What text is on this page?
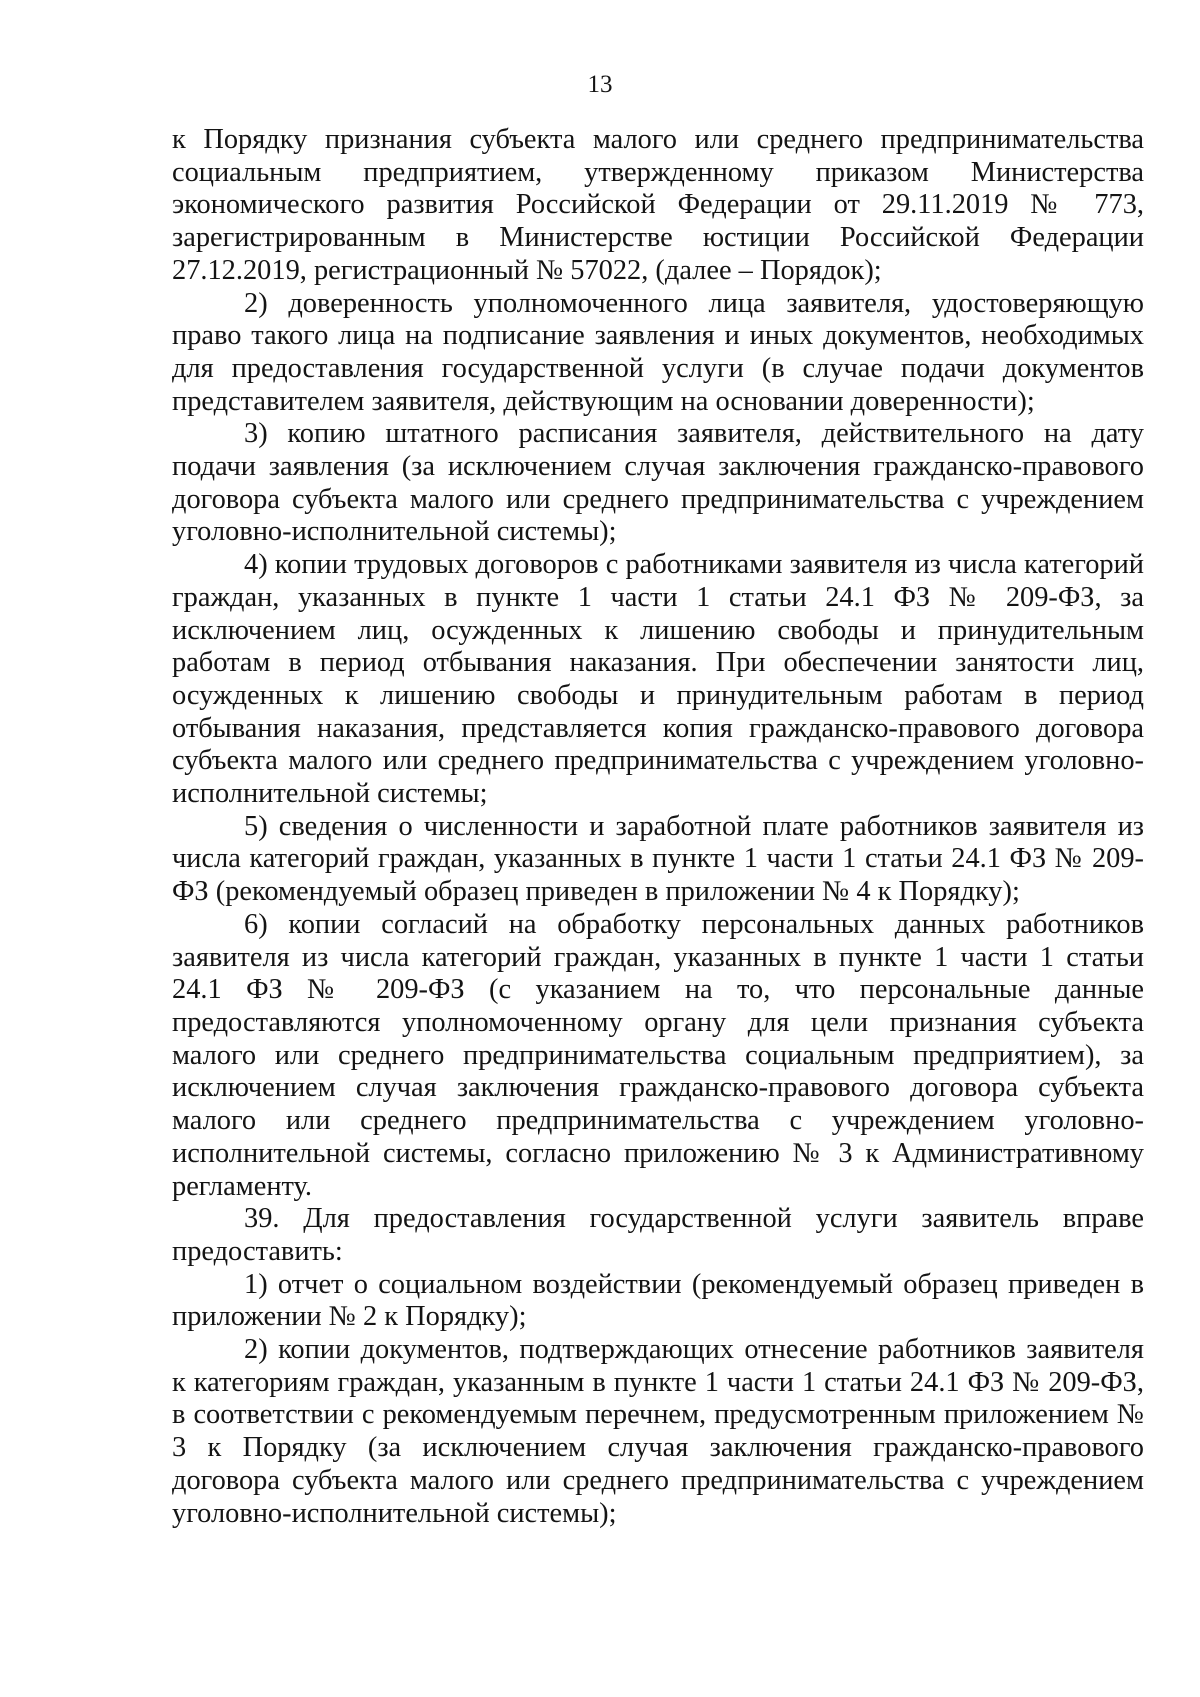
13

к Порядку признания субъекта малого или среднего предпринимательства социальным предприятием, утвержденному приказом Министерства экономического развития Российской Федерации от 29.11.2019 № 773, зарегистрированным в Министерстве юстиции Российской Федерации 27.12.2019, регистрационный № 57022, (далее – Порядок);

2) доверенность уполномоченного лица заявителя, удостоверяющую право такого лица на подписание заявления и иных документов, необходимых для предоставления государственной услуги (в случае подачи документов представителем заявителя, действующим на основании доверенности);

3) копию штатного расписания заявителя, действительного на дату подачи заявления (за исключением случая заключения гражданско-правового договора субъекта малого или среднего предпринимательства с учреждением уголовно-исполнительной системы);

4) копии трудовых договоров с работниками заявителя из числа категорий граждан, указанных в пункте 1 части 1 статьи 24.1 ФЗ № 209-ФЗ, за исключением лиц, осужденных к лишению свободы и принудительным работам в период отбывания наказания. При обеспечении занятости лиц, осужденных к лишению свободы и принудительным работам в период отбывания наказания, представляется копия гражданско-правового договора субъекта малого или среднего предпринимательства с учреждением уголовно-исполнительной системы;

5) сведения о численности и заработной плате работников заявителя из числа категорий граждан, указанных в пункте 1 части 1 статьи 24.1 ФЗ № 209-ФЗ (рекомендуемый образец приведен в приложении № 4 к Порядку);

6) копии согласий на обработку персональных данных работников заявителя из числа категорий граждан, указанных в пункте 1 части 1 статьи 24.1 ФЗ № 209-ФЗ (с указанием на то, что персональные данные предоставляются уполномоченному органу для цели признания субъекта малого или среднего предпринимательства социальным предприятием), за исключением случая заключения гражданско-правового договора субъекта малого или среднего предпринимательства с учреждением уголовно-исполнительной системы, согласно приложению № 3 к Административному регламенту.

39. Для предоставления государственной услуги заявитель вправе предоставить:

1) отчет о социальном воздействии (рекомендуемый образец приведен в приложении № 2 к Порядку);

2) копии документов, подтверждающих отнесение работников заявителя к категориям граждан, указанным в пункте 1 части 1 статьи 24.1 ФЗ № 209-ФЗ, в соответствии с рекомендуемым перечнем, предусмотренным приложением № 3 к Порядку (за исключением случая заключения гражданско-правового договора субъекта малого или среднего предпринимательства с учреждением уголовно-исполнительной системы);
